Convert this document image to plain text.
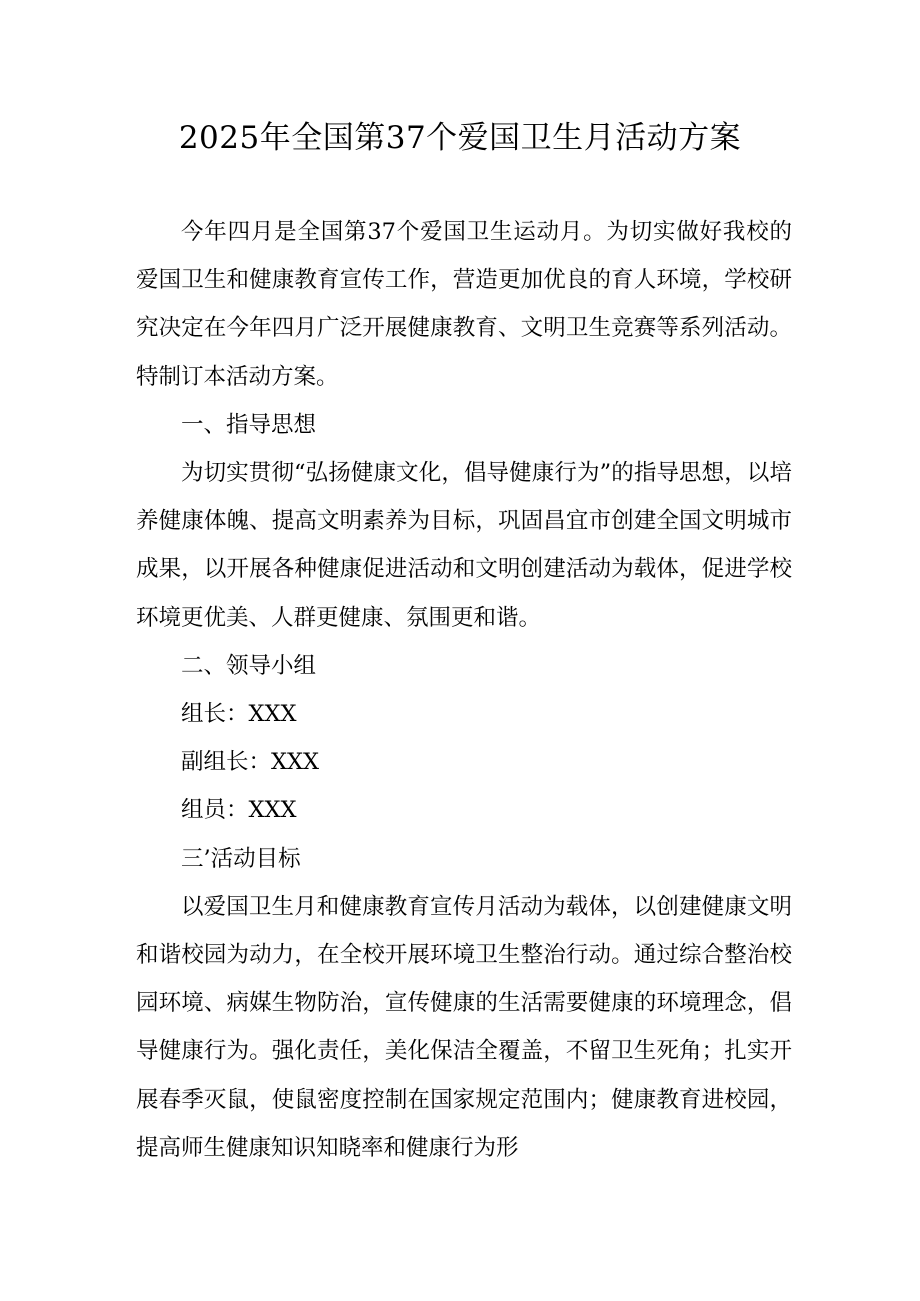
2025年全国第37个爱国卫生月活动方案

今年四月是全国第37个爱国卫生运动月。为切实做好我校的爱国卫生和健康教育宣传工作，营造更加优良的育人环境，学校研究决定在今年四月广泛开展健康教育、文明卫生竞赛等系列活动。特制订本活动方案。

一、指导思想

为切实贯彻“弘扬健康文化，倡导健康行为”的指导思想，以培养健康体魄、提高文明素养为目标，巩固昌宜市创建全国文明城市成果，以开展各种健康促进活动和文明创建活动为载体，促进学校环境更优美、人群更健康、氛围更和谐。

二、领导小组

组长：XXX

副组长：XXX

组员：XXX

三’活动目标

以爱国卫生月和健康教育宣传月活动为载体，以创建健康文明和谐校园为动力，在全校开展环境卫生整治行动。通过综合整治校园环境、病媒生物防治，宣传健康的生活需要健康的环境理念，倡导健康行为。强化责任，美化保洁全覆盖，不留卫生死角；扎实开展春季灭鼠，使鼠密度控制在国家规定范围内；健康教育进校园，提高师生健康知识知晓率和健康行为形
